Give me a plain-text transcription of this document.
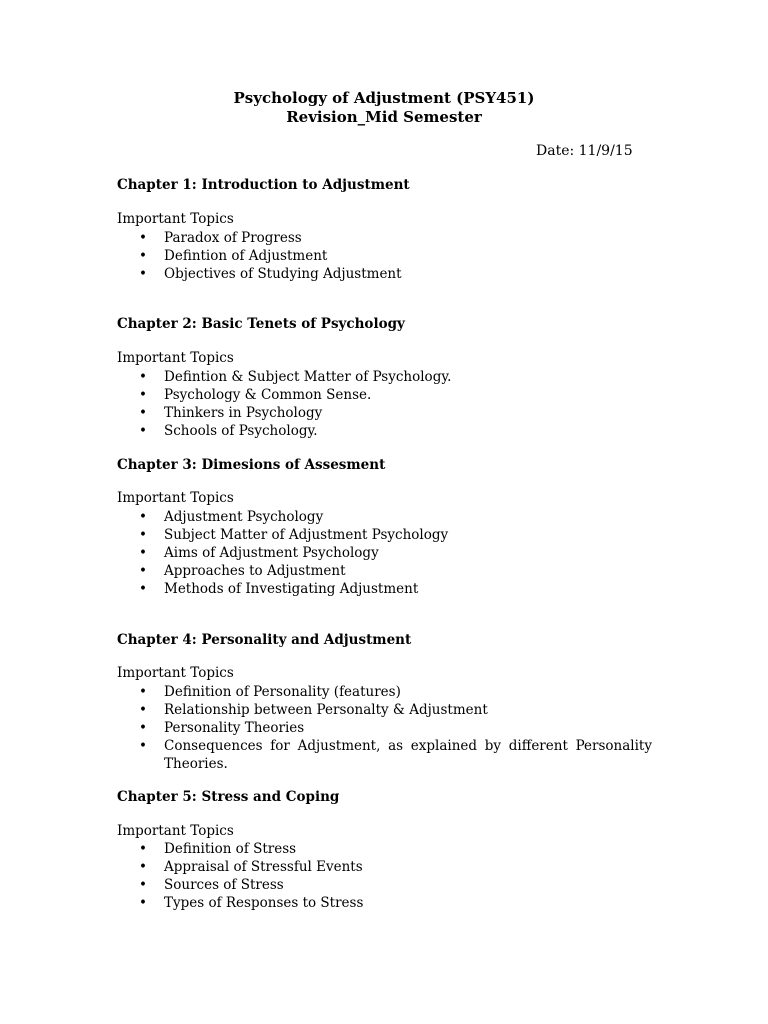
Psychology of Adjustment (PSY451)
Revision_Mid Semester
Date: 11/9/15
Chapter 1: Introduction to Adjustment
Important Topics
• Paradox of Progress
• Defintion of Adjustment
• Objectives of Studying Adjustment
Chapter 2: Basic Tenets of Psychology
Important Topics
• Defintion & Subject Matter of Psychology.
• Psychology & Common Sense.
• Thinkers in Psychology
• Schools of Psychology.
Chapter 3: Dimesions of Assesment
Important Topics
• Adjustment Psychology
• Subject Matter of Adjustment Psychology
• Aims of Adjustment Psychology
• Approaches to Adjustment
• Methods of Investigating Adjustment
Chapter 4: Personality and Adjustment
Important Topics
• Definition of Personality (features)
• Relationship between Personalty & Adjustment
• Personality Theories
• Consequences for Adjustment, as explained by different Personality Theories.
Chapter 5: Stress and Coping
Important Topics
• Definition of Stress
• Appraisal of Stressful Events
• Sources of Stress
• Types of Responses to Stress
